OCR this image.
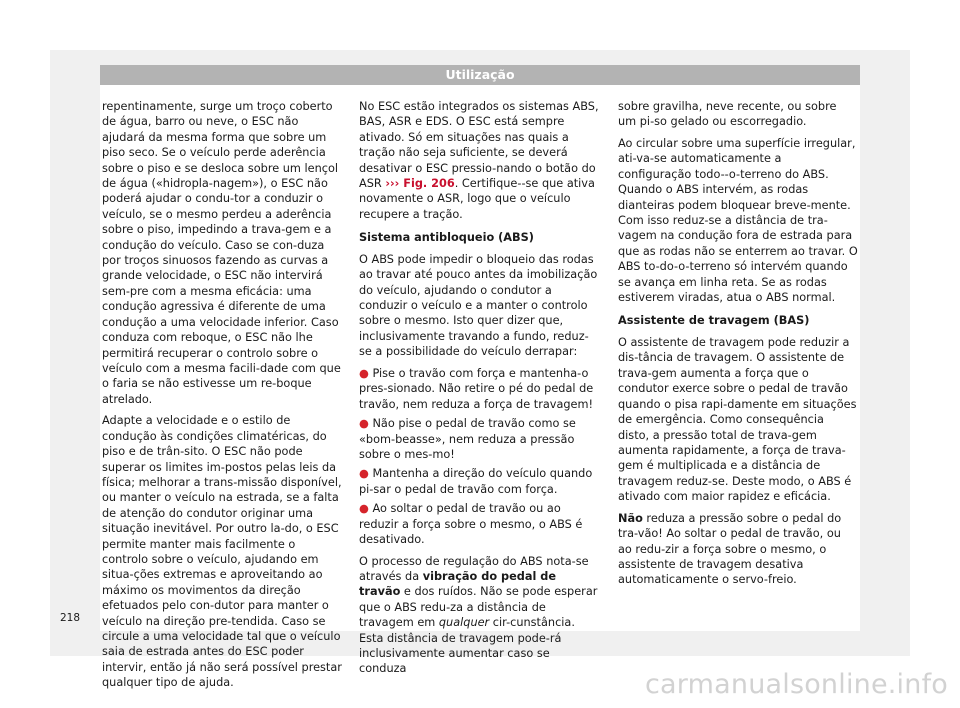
Utilização

repentinamente, surge um troço coberto de água, barro ou neve, o ESC não ajudará da mesma forma que sobre um piso seco. Se o veículo perde aderência sobre o piso e se desloca sobre um lençol de água («hidropla-nagem»), o ESC não poderá ajudar o condu-tor a conduzir o veículo, se o mesmo perdeu a aderência sobre o piso, impedindo a trava-gem e a condução do veículo. Caso se con-duza por troços sinuosos fazendo as curvas a grande velocidade, o ESC não intervirá sem-pre com a mesma eficácia: uma condução agressiva é diferente de uma condução a uma velocidade inferior. Caso conduza com reboque, o ESC não lhe permitirá recuperar o controlo sobre o veículo com a mesma facili-dade com que o faria se não estivesse um re-boque atrelado.

Adapte a velocidade e o estilo de condução às condições climatéricas, do piso e de trân-sito. O ESC não pode superar os limites im-postos pelas leis da física; melhorar a trans-missão disponível, ou manter o veículo na estrada, se a falta de atenção do condutor originar uma situação inevitável. Por outro la-do, o ESC permite manter mais facilmente o controlo sobre o veículo, ajudando em situa-ções extremas e aproveitando ao máximo os movimentos da direção efetuados pelo con-dutor para manter o veículo na direção pre-tendida. Caso se circule a uma velocidade tal que o veículo saia de estrada antes do ESC poder intervir, então já não será possível prestar qualquer tipo de ajuda.

No ESC estão integrados os sistemas ABS, BAS, ASR e EDS. O ESC está sempre ativado. Só em situações nas quais a tração não seja suficiente, se deverá desativar o ESC pressio-nando o botão do ASR ››› Fig. 206. Certifique--se que ativa novamente o ASR, logo que o veículo recupere a tração.

Sistema antibloqueio (ABS)

O ABS pode impedir o bloqueio das rodas ao travar até pouco antes da imobilização do veículo, ajudando o condutor a conduzir o veículo e a manter o controlo sobre o mesmo. Isto quer dizer que, inclusivamente travando a fundo, reduz-se a possibilidade do veículo derrapar:

● Pise o travão com força e mantenha-o pres-sionado. Não retire o pé do pedal de travão, nem reduza a força de travagem!

● Não pise o pedal de travão como se «bom-beasse», nem reduza a pressão sobre o mes-mo!

● Mantenha a direção do veículo quando pi-sar o pedal de travão com força.

● Ao soltar o pedal de travão ou ao reduzir a força sobre o mesmo, o ABS é desativado.

O processo de regulação do ABS nota-se através da vibração do pedal de travão e dos ruídos. Não se pode esperar que o ABS redu-za a distância de travagem em qualquer cir-cunstância. Esta distância de travagem pode-rá inclusivamente aumentar caso se conduza

sobre gravilha, neve recente, ou sobre um pi-so gelado ou escorregadio.

Ao circular sobre uma superfície irregular, ati-va-se automaticamente a configuração todo--o-terreno do ABS. Quando o ABS intervém, as rodas dianteiras podem bloquear breve-mente. Com isso reduz-se a distância de tra-vagem na condução fora de estrada para que as rodas não se enterrem ao travar. O ABS to-do-o-terreno só intervém quando se avança em linha reta. Se as rodas estiverem viradas, atua o ABS normal.

Assistente de travagem (BAS)

O assistente de travagem pode reduzir a dis-tância de travagem. O assistente de trava-gem aumenta a força que o condutor exerce sobre o pedal de travão quando o pisa rapi-damente em situações de emergência. Como consequência disto, a pressão total de trava-gem aumenta rapidamente, a força de trava-gem é multiplicada e a distância de travagem reduz-se. Deste modo, o ABS é ativado com maior rapidez e eficácia.

Não reduza a pressão sobre o pedal do tra-vão! Ao soltar o pedal de travão, ou ao redu-zir a força sobre o mesmo, o assistente de travagem desativa automaticamente o servo-freio.

218
carmanualsonline.info
